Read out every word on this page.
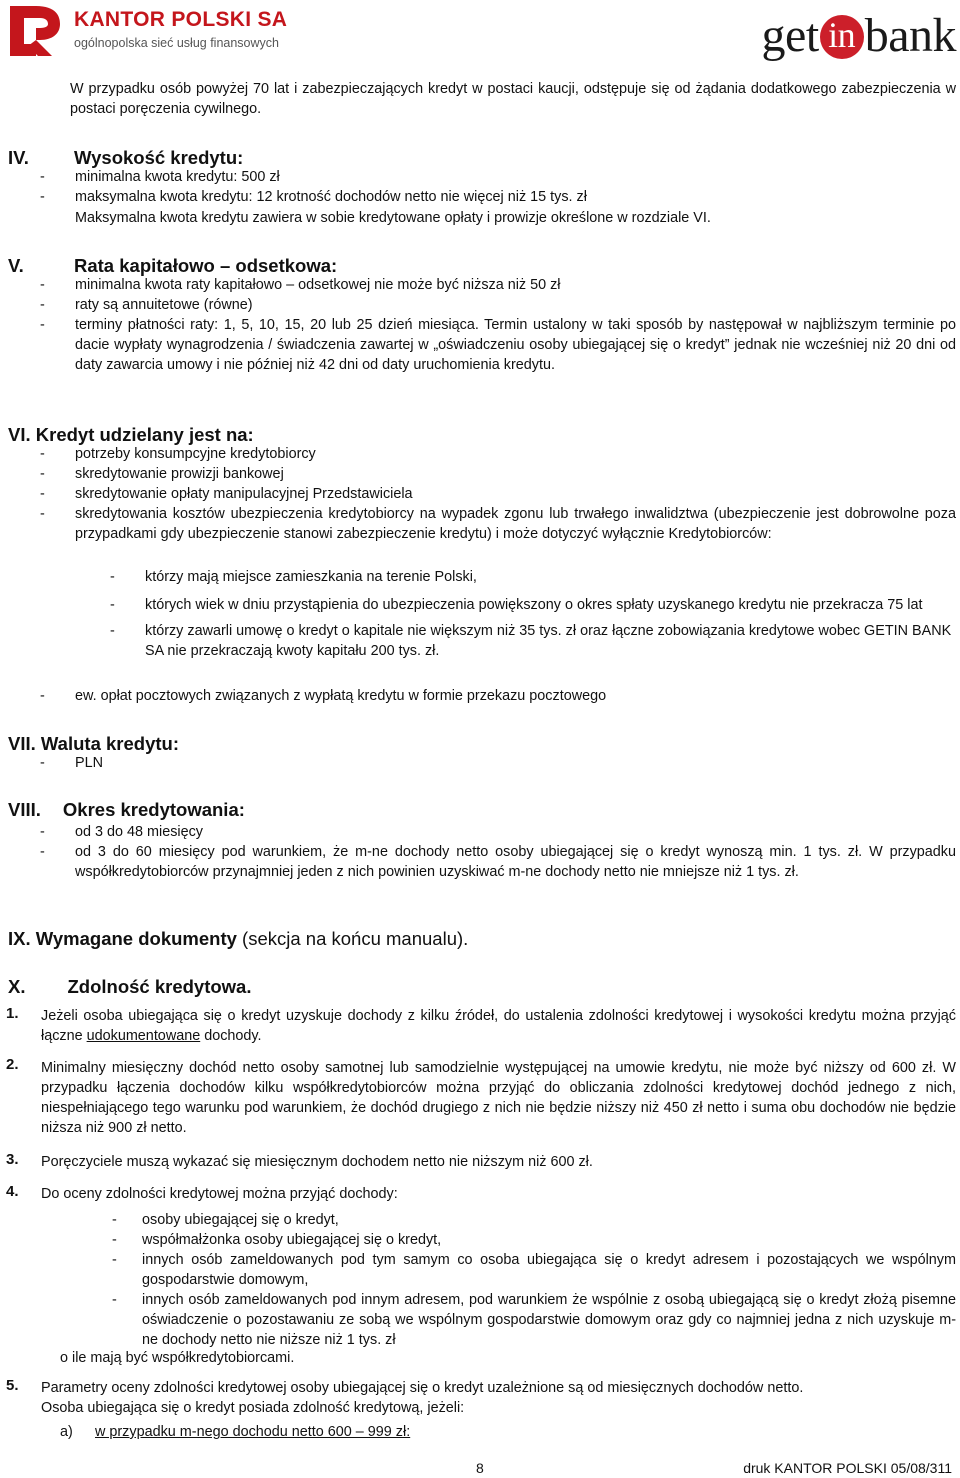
KANTOR POLSKI SA
ogólnopolska sieć usług finansowych	get in bank

W przypadku osób powyżej 70 lat i zabezpieczających kredyt w postaci kaucji, odstępuje się od żądania dodatkowego zabezpieczenia w postaci poręczenia cywilnego.

IV. Wysokość kredytu:
- minimalna kwota kredytu: 500 zł
- maksymalna kwota kredytu: 12 krotność dochodów netto nie więcej niż 15 tys. zł

Maksymalna kwota kredytu zawiera w sobie kredytowane opłaty i prowizje określone w rozdziale VI.

V.	Rata kapitałowo – odsetkowa:
- minimalna kwota raty kapitałowo – odsetkowej nie może być niższa niż 50 zł
- raty są annuitetowe (równe)
- terminy płatności raty: 1, 5, 10, 15, 20 lub 25 dzień miesiąca. Termin ustalony w taki sposób by następował w najbliższym terminie po dacie wypłaty wynagrodzenia / świadczenia zawartej w „oświadczeniu osoby ubiegającej się o kredyt” jednak nie wcześniej niż 20 dni od daty zawarcia umowy i nie później niż 42 dni od daty uruchomienia kredytu.
VI. Kredyt udzielany jest na:
- potrzeby konsumpcyjne kredytobiorcy
- skredytowanie prowizji bankowej
- skredytowanie opłaty manipulacyjnej Przedstawiciela
- skredytowania kosztów ubezpieczenia kredytobiorcy na wypadek zgonu lub trwałego inwalidztwa (ubezpieczenie jest dobrowolne poza przypadkami gdy ubezpieczenie stanowi zabezpieczenie kredytu) i może dotyczyć wyłącznie Kredytobiorców:
- którzy mają miejsce zamieszkania na terenie Polski,
- których wiek w dniu przystąpienia do ubezpieczenia powiększony o okres spłaty uzyskanego kredytu nie przekracza 75 lat
- którzy zawarli umowę o kredyt o kapitale nie większym niż 35 tys. zł oraz łączne zobowiązania kredytowe wobec GETIN BANK SA nie przekraczają kwoty kapitału 200 tys. zł.
- ew. opłat pocztowych związanych z wypłatą kredytu w formie przekazu pocztowego
VII. Waluta kredytu:
- PLN
VIII. Okres kredytowania:
- od 3 do 48 miesięcy
- od 3 do 60 miesięcy pod warunkiem, że m-ne dochody netto osoby ubiegającej się o kredyt wynoszą min. 1 tys. zł. W przypadku współkredytobiorców przynajmniej jeden z nich powinien uzyskiwać m-ne dochody netto nie mniejsze niż 1 tys. zł.
IX. Wymagane dokumenty (sekcja na końcu manualu).
X. Zdolność kredytowa.
1. Jeżeli osoba ubiegająca się o kredyt uzyskuje dochody z kilku źródeł, do ustalenia zdolności kredytowej i wysokości kredytu można przyjąć łączne udokumentowane dochody.

2. Minimalny miesięczny dochód netto osoby samotnej lub samodzielnie występującej na umowie kredytu, nie może być niższy od 600 zł. W przypadku łączenia dochodów kilku współkredytobiorców można przyjąć do obliczania zdolności kredytowej dochód jednego z nich, niespełniającego tego warunku pod warunkiem, że dochód drugiego z nich nie będzie niższy niż 450 zł netto i suma obu dochodów nie będzie niższa niż 900 zł netto.

3. Poręczyciele muszą wykazać się miesięcznym dochodem netto nie niższym niż 600 zł.

4. Do oceny zdolności kredytowej można przyjąć dochody:

- osoby ubiegającej się o kredyt,
- współmałżonka osoby ubiegającej się o kredyt,
- innych osób zameldowanych pod tym samym co osoba ubiegająca się o kredyt adresem i pozostających we wspólnym gospodarstwie domowym,
- innych osób zameldowanych pod innym adresem, pod warunkiem że wspólnie z osobą ubiegającą się o kredyt złożą pisemne oświadczenie o pozostawaniu ze sobą we wspólnym gospodarstwie domowym oraz gdy co najmniej jedna z nich uzyskuje m-ne dochody netto nie niższe niż 1 tys. zł

o ile mają być współkredytobiorcami.

5. Parametry oceny zdolności kredytowej osoby ubiegającej się o kredyt uzależnione są od miesięcznych dochodów netto.

Osoba ubiegająca się o kredyt posiada zdolność kredytową, jeżeli:

a) w przypadku m-nego dochodu netto 600 – 999 zł:

8	druk KANTOR POLSKI 05/08/311
